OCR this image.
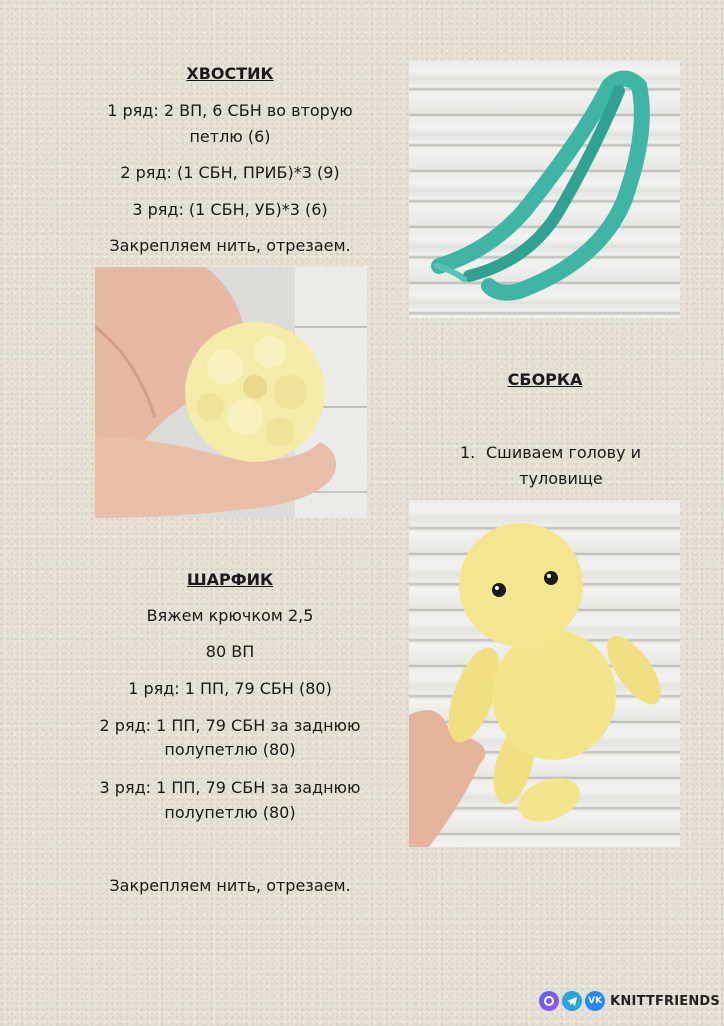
ХВОСТИК
1 ряд: 2 ВП, 6 СБН во вторую
петлю (6)
2 ряд: (1 СБН, ПРИБ)*3 (9)
3 ряд: (1 СБН, УБ)*3 (6)
Закрепляем нить, отрезаем.
СБОРКА
1. Сшиваем голову и
туловище
ШАРФИК
Вяжем крючком 2,5
80 ВП
1 ряд: 1 ПП, 79 СБН (80)
2 ряд: 1 ПП, 79 СБН за заднюю
полупетлю (80)
3 ряд: 1 ПП, 79 СБН за заднюю
полупетлю (80)
Закрепляем нить, отрезаем.
VK KNITTFRIENDS
